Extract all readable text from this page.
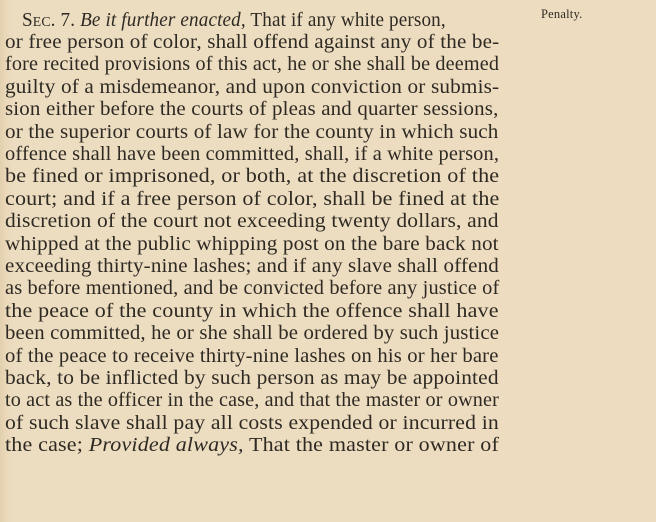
Penalty.
Sec. 7. Be it further enacted, That if any white person,
or free person of color, shall offend against any of the be-
fore recited provisions of this act, he or she shall be deemed
guilty of a misdemeanor, and upon conviction or submis-
sion either before the courts of pleas and quarter sessions,
or the superior courts of law for the county in which such
offence shall have been committed, shall, if a white person,
be fined or imprisoned, or both, at the discretion of the
court; and if a free person of color, shall be fined at the
discretion of the court not exceeding twenty dollars, and
whipped at the public whipping post on the bare back not
exceeding thirty-nine lashes; and if any slave shall offend
as before mentioned, and be convicted before any justice of
the peace of the county in which the offence shall have
been committed, he or she shall be ordered by such justice
of the peace to receive thirty-nine lashes on his or her bare
back, to be inflicted by such person as may be appointed
to act as the officer in the case, and that the master or owner
of such slave shall pay all costs expended or incurred in
the case; Provided always, That the master or owner of
